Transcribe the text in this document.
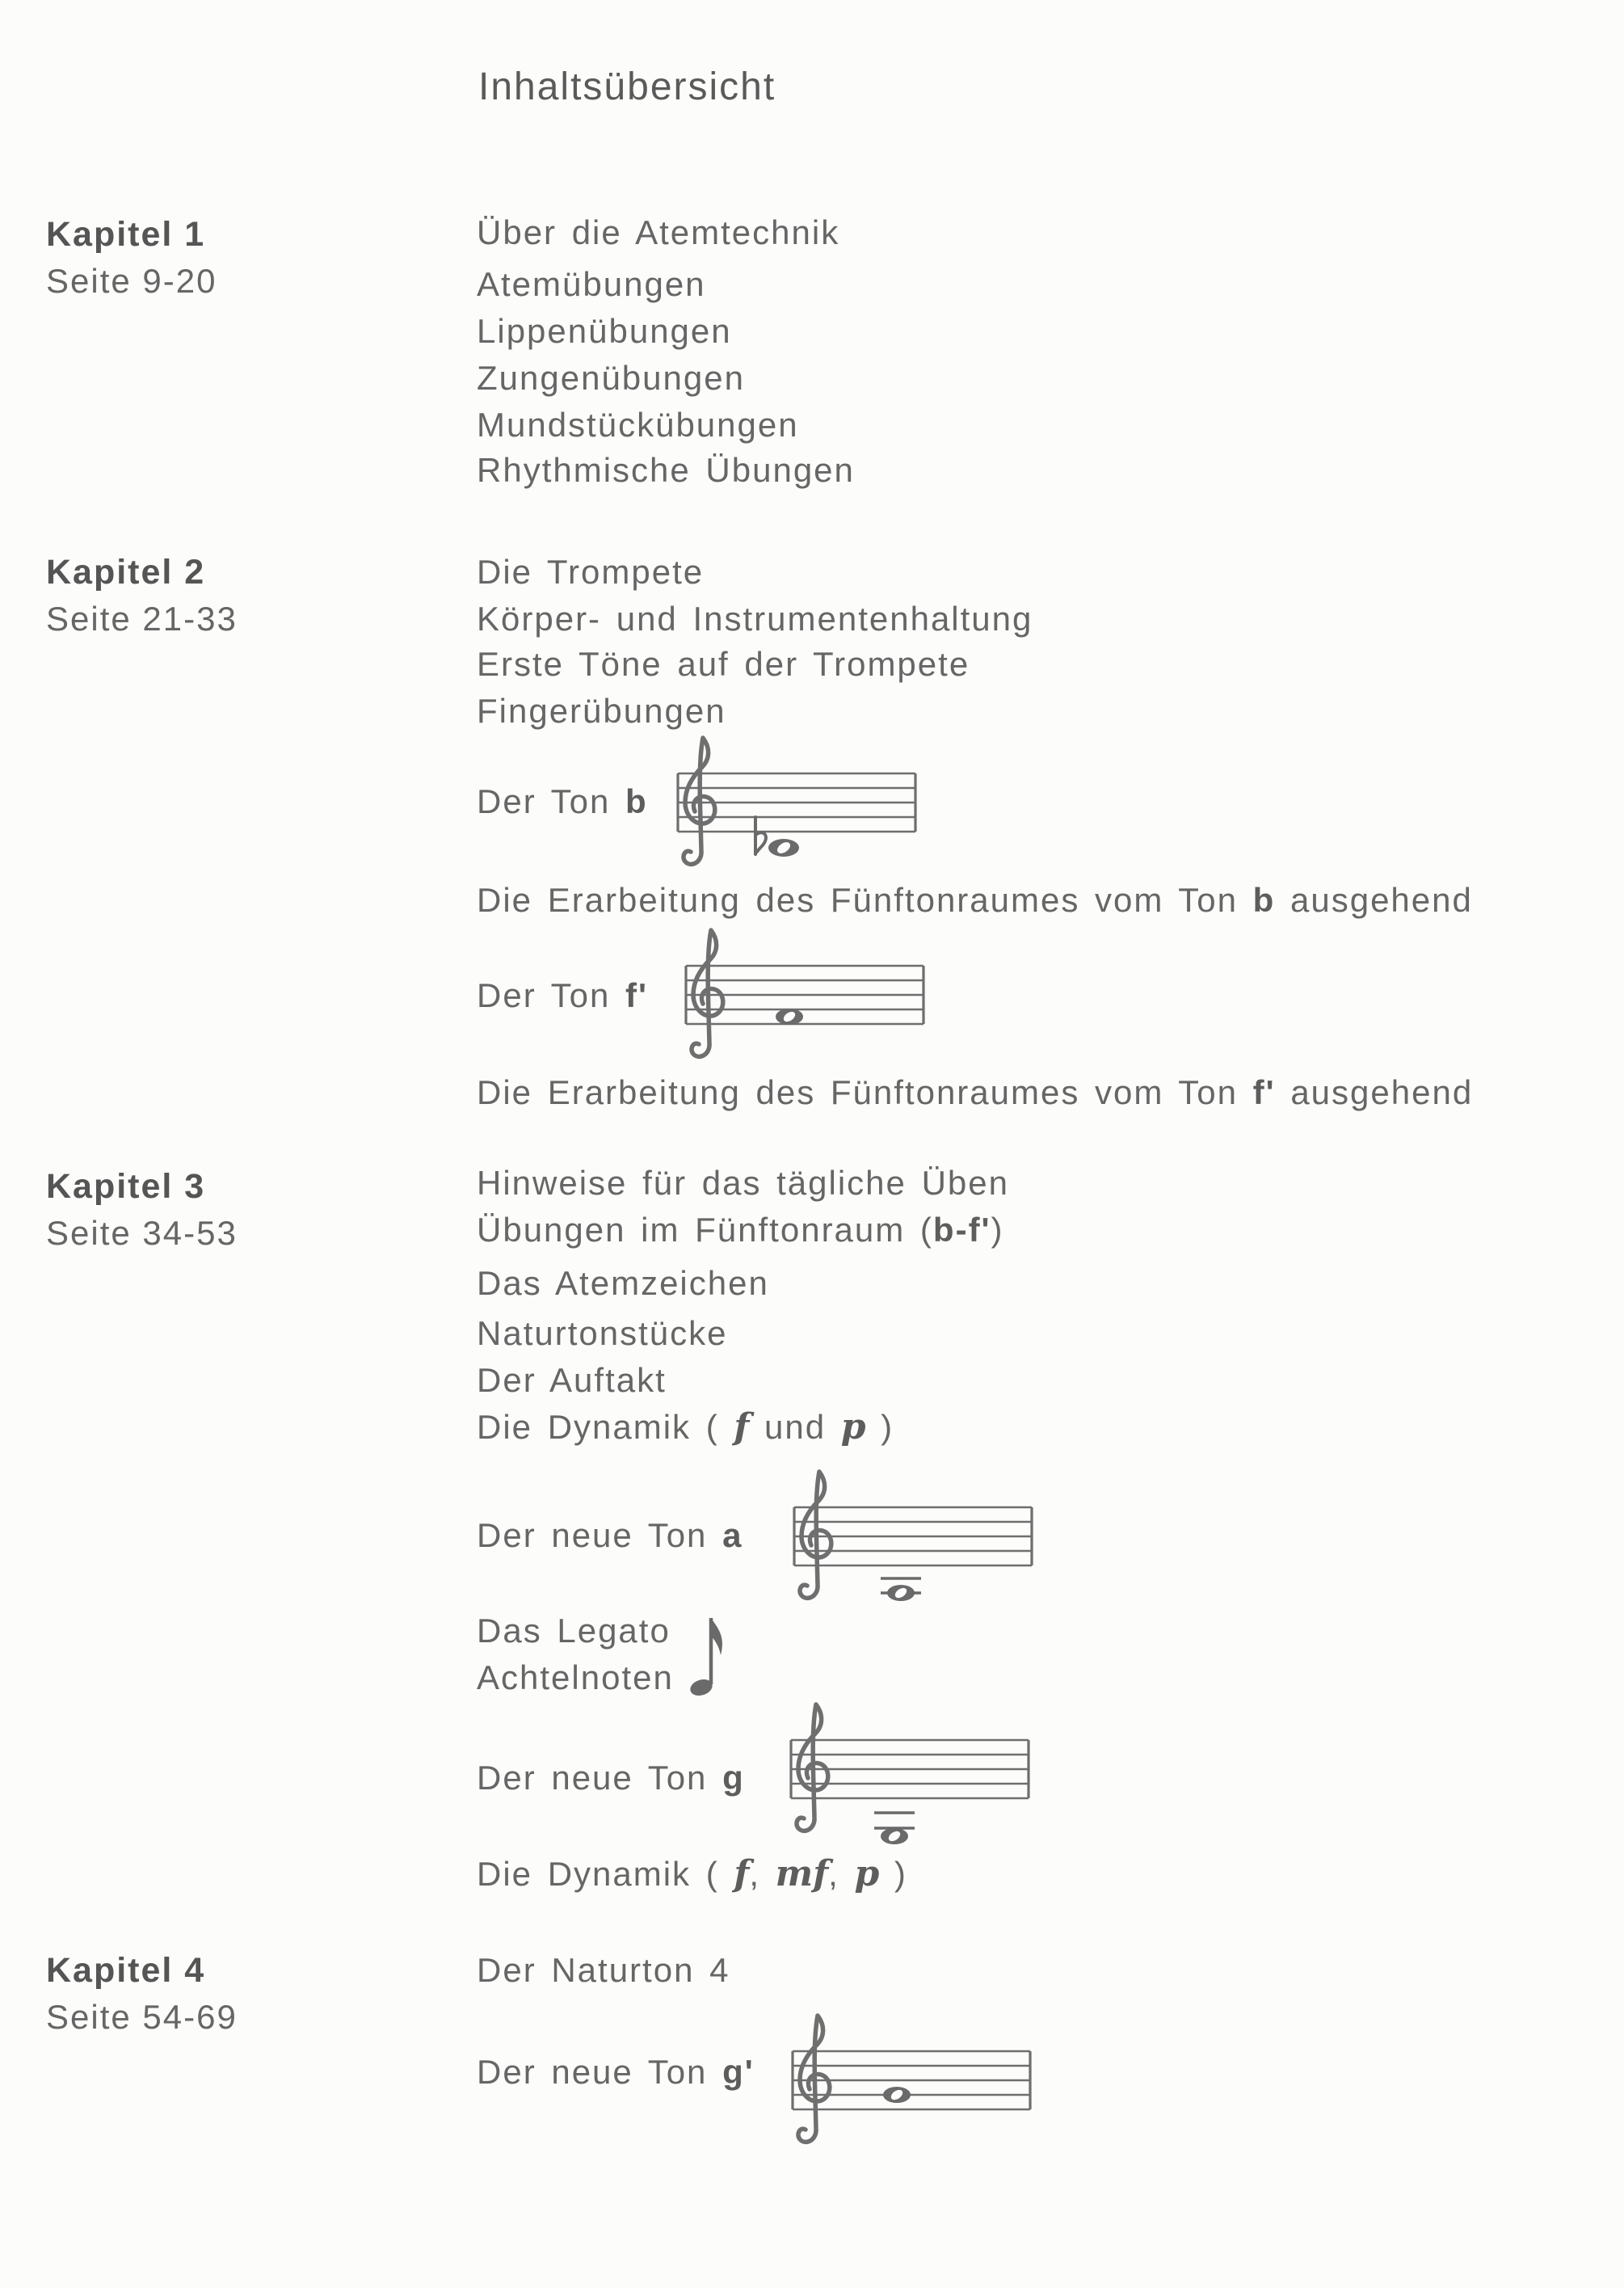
Inhaltsübersicht
Kapitel 1
Seite 9-20
Über die Atemtechnik
Atemübungen
Lippenübungen
Zungenübungen
Mundstückübungen
Rhythmische Übungen
Kapitel 2
Seite 21-33
Die Trompete
Körper- und Instrumentenhaltung
Erste Töne auf der Trompete
Fingerübungen
Der Ton b
Die Erarbeitung des Fünftonraumes vom Ton b ausgehend
Der Ton f'
Die Erarbeitung des Fünftonraumes vom Ton f' ausgehend
Kapitel 3
Seite 34-53
Hinweise für das tägliche Üben
Übungen im Fünftonraum (b-f')
Das Atemzeichen
Naturtonstücke
Der Auftakt
Die Dynamik ( f und p )
Der neue Ton a
Das Legato
Achtelnoten
Der neue Ton g
Die Dynamik ( f, mf, p )
Kapitel 4
Seite 54-69
Der Naturton 4
Der neue Ton g'
